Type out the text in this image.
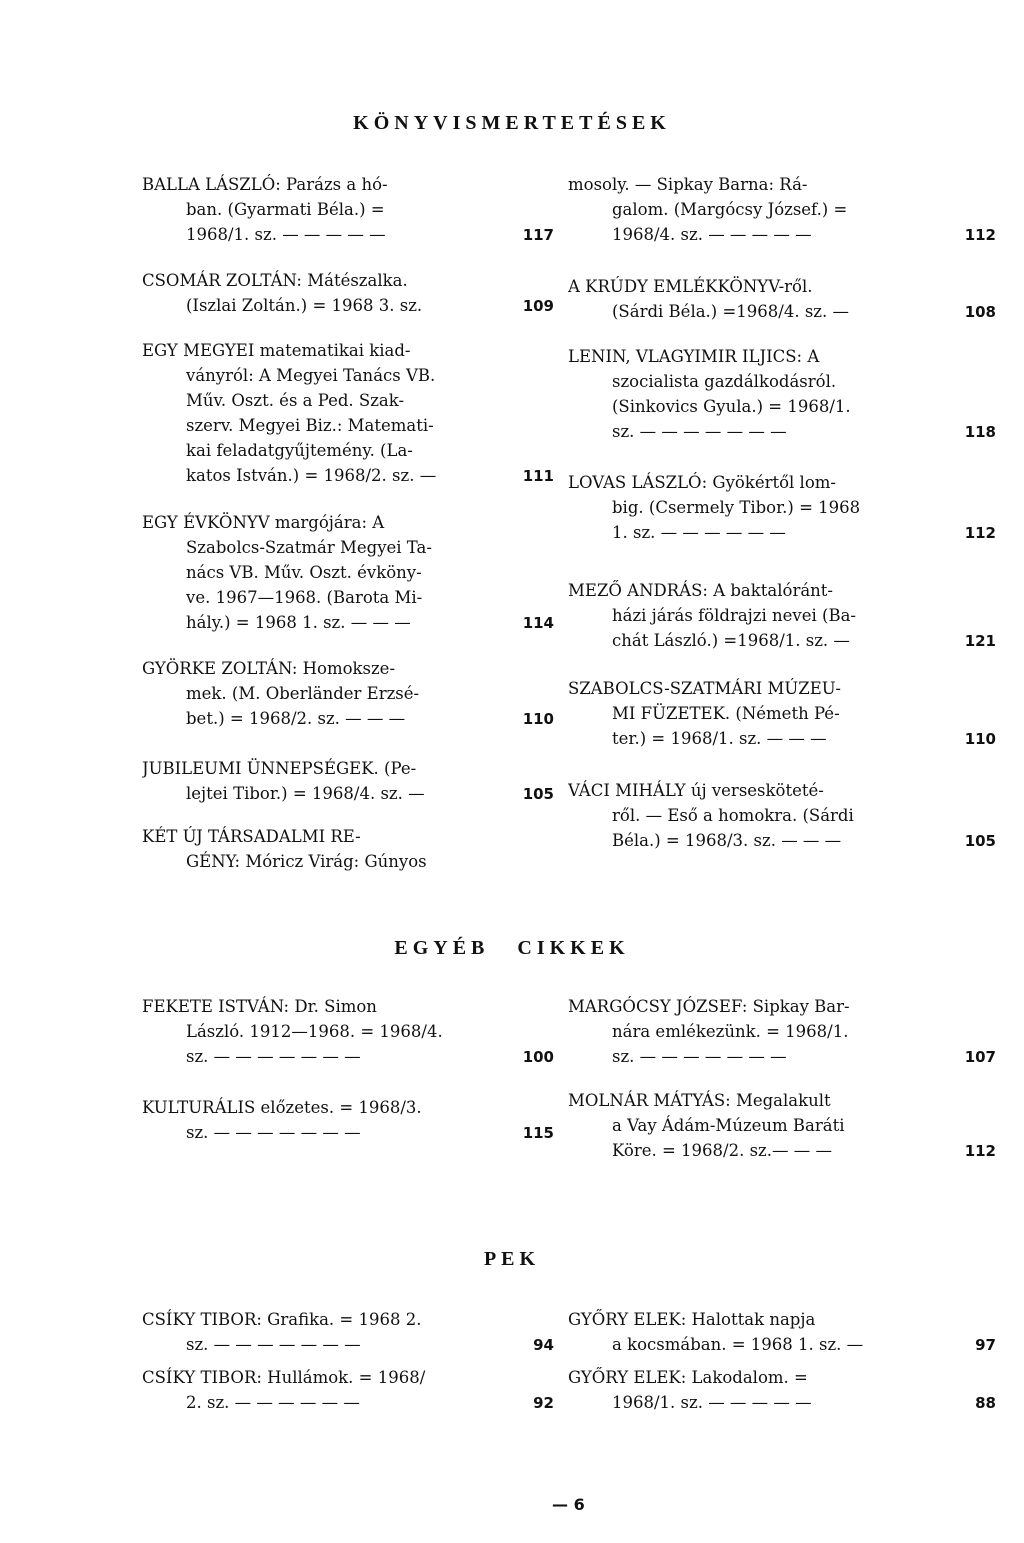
KÖNYVISMERTETÉSEK
EGYÉB CIKKEK
PEK
BALLA LÁSZLÓ: Parázs a hó-
ban. (Gyarmati Béla.) =
1968/1. sz. — — — — —	117
CSOMÁR ZOLTÁN: Mátészalka.
(Iszlai Zoltán.) = 1968 3. sz.	109
EGY MEGYEI matematikai kiad-
ványról: A Megyei Tanács VB.
Műv. Oszt. és a Ped. Szak-
szerv. Megyei Biz.: Matemati-
kai feladatgyűjtemény. (La-
katos István.) = 1968/2. sz. —	111
EGY ÉVKÖNYV margójára: A
Szabolcs-Szatmár Megyei Ta-
nács VB. Műv. Oszt. évköny-
ve. 1967—1968. (Barota Mi-
hály.) = 1968 1. sz. — — —	114
GYÖRKE ZOLTÁN: Homoksze-
mek. (M. Oberländer Erzsé-
bet.) = 1968/2. sz. — — —	110
JUBILEUMI ÜNNEPSÉGEK. (Pe-
lejtei Tibor.) = 1968/4. sz. —	105
KÉT ÚJ TÁRSADALMI RE-
GÉNY: Móricz Virág: Gúnyos
mosoly. — Sipkay Barna: Rá-
galom. (Margócsy József.) =
1968/4. sz. — — — — —	112
A KRÚDY EMLÉKKÖNYV-ről.
(Sárdi Béla.) =1968/4. sz. —	108
LENIN, VLAGYIMIR ILJICS: A
szocialista gazdálkodásról.
(Sinkovics Gyula.) = 1968/1.
sz. — — — — — — —	118
LOVAS LÁSZLÓ: Gyökértől lom-
big. (Csermely Tibor.) = 1968
1. sz. — — — — — —	112
MEZŐ ANDRÁS: A baktalóránt-
házi járás földrajzi nevei (Ba-
chát László.) =1968/1. sz. —	121
SZABOLCS-SZATMÁRI MÚZEU-
MI FÜZETEK. (Németh Pé-
ter.) = 1968/1. sz. — — —	110
VÁCI MIHÁLY új versesköteté-
ről. — Eső a homokra. (Sárdi
Béla.) = 1968/3. sz. — — —	105
FEKETE ISTVÁN: Dr. Simon
László. 1912—1968. = 1968/4.
sz. — — — — — — —	100
KULTURÁLIS előzetes. = 1968/3.
sz. — — — — — — —	115
MARGÓCSY JÓZSEF: Sipkay Bar-
nára emlékezünk. = 1968/1.
sz. — — — — — — —	107
MOLNÁR MÁTYÁS: Megalakult
a Vay Ádám-Múzeum Baráti
Köre. = 1968/2. sz.— — —	112
CSÍKY TIBOR: Grafika. = 1968 2.
sz. — — — — — — —	94
CSÍKY TIBOR: Hullámok. = 1968/
2. sz. — — — — — —	92
GYŐRY ELEK: Halottak napja
a kocsmában. = 1968 1. sz. —	97
GYŐRY ELEK: Lakodalom. =
1968/1. sz. — — — — —	88
— 6
